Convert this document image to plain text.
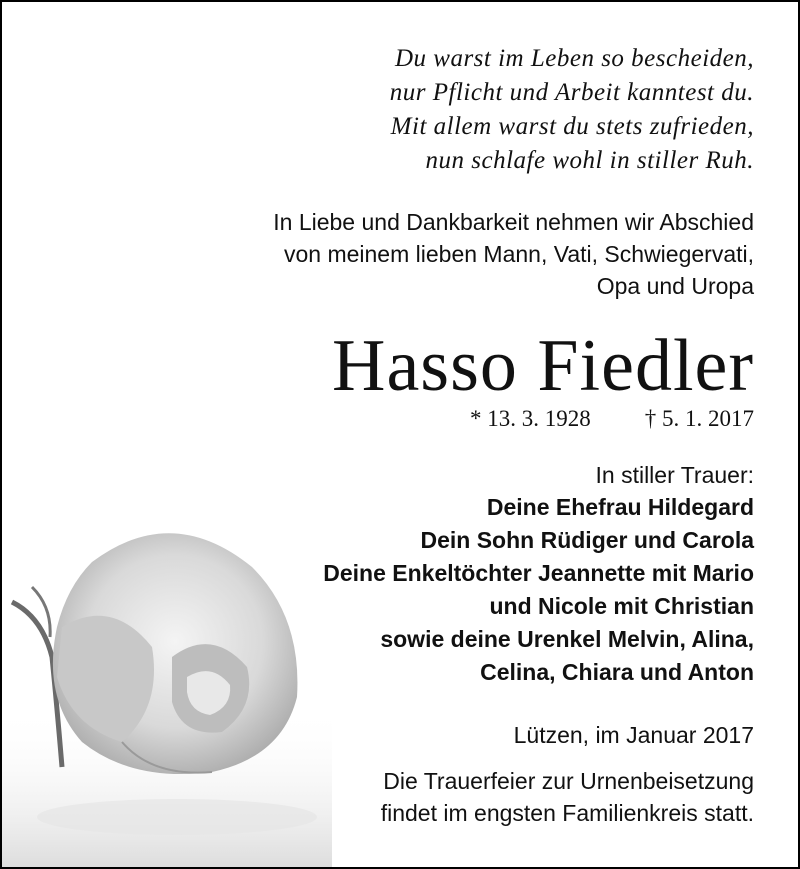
Du warst im Leben so bescheiden,
nur Pflicht und Arbeit kanntest du.
Mit allem warst du stets zufrieden,
nun schlafe wohl in stiller Ruh.
In Liebe und Dankbarkeit nehmen wir Abschied
von meinem lieben Mann, Vati, Schwiegervati,
Opa und Uropa
Hasso Fiedler
* 13. 3. 1928 † 5. 1. 2017
In stiller Trauer:
Deine Ehefrau Hildegard
Dein Sohn Rüdiger und Carola
Deine Enkeltöchter Jeannette mit Mario
und Nicole mit Christian
sowie deine Urenkel Melvin, Alina,
Celina, Chiara und Anton
Lützen, im Januar 2017
Die Trauerfeier zur Urnenbeisetzung
findet im engsten Familienkreis statt.
